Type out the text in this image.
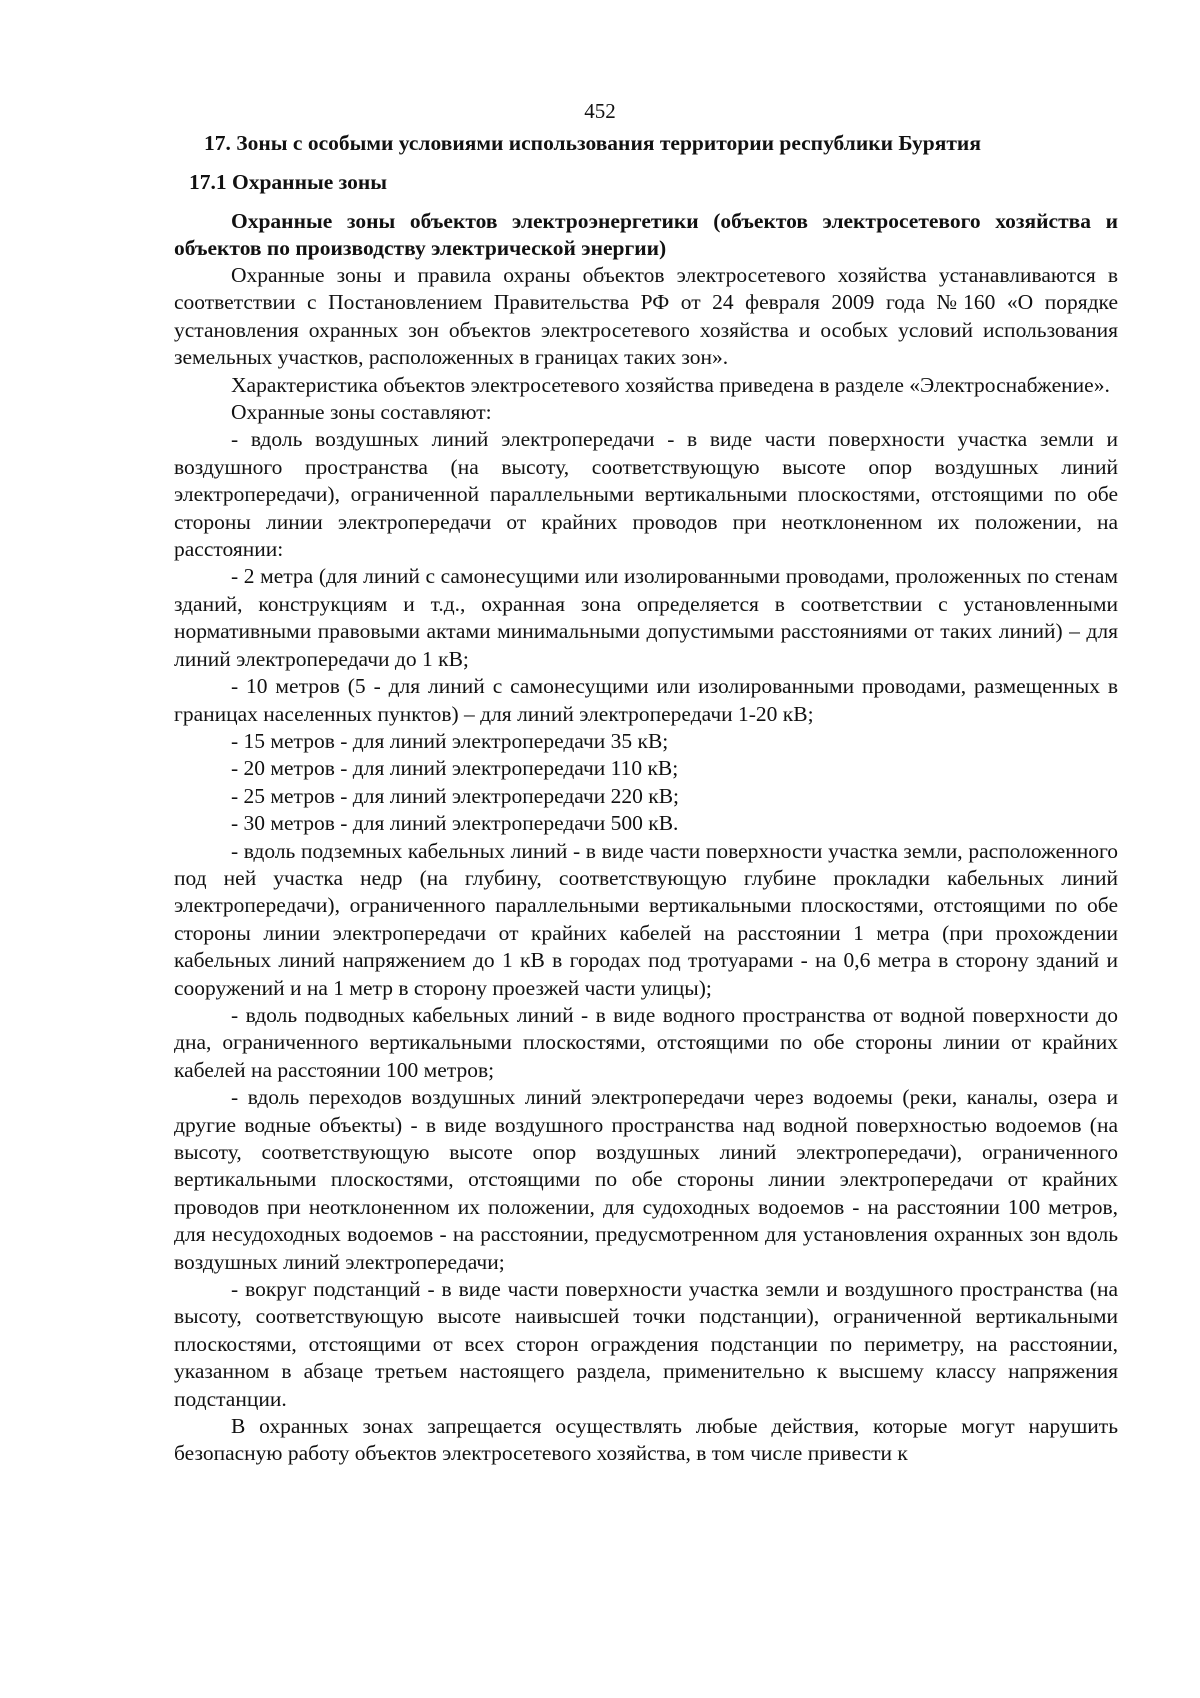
452
17. Зоны с особыми условиями использования территории республики Бурятия
17.1 Охранные зоны
Охранные зоны объектов электроэнергетики (объектов электросетевого хозяйства и объектов по производству электрической энергии)

Охранные зоны и правила охраны объектов электросетевого хозяйства устанавливаются в соответствии с Постановлением Правительства РФ от 24 февраля 2009 года №160 «О порядке установления охранных зон объектов электросетевого хозяйства и особых условий использования земельных участков, расположенных в границах таких зон».

Характеристика объектов электросетевого хозяйства приведена в разделе «Электроснабжение».

Охранные зоны составляют:

- вдоль воздушных линий электропередачи - в виде части поверхности участка земли и воздушного пространства (на высоту, соответствующую высоте опор воздушных линий электропередачи), ограниченной параллельными вертикальными плоскостями, отстоящими по обе стороны линии электропередачи от крайних проводов при неотклоненном их положении, на расстоянии:

- 2 метра (для линий с самонесущими или изолированными проводами, проложенных по стенам зданий, конструкциям и т.д., охранная зона определяется в соответствии с установленными нормативными правовыми актами минимальными допустимыми расстояниями от таких линий) – для линий электропередачи до 1 кВ;

- 10 метров (5 - для линий с самонесущими или изолированными проводами, размещенных в границах населенных пунктов) – для линий электропередачи 1-20 кВ;

- 15 метров - для линий электропередачи 35 кВ;

- 20 метров - для линий электропередачи 110 кВ;

- 25 метров - для линий электропередачи 220 кВ;

- 30 метров - для линий электропередачи 500 кВ.

- вдоль подземных кабельных линий - в виде части поверхности участка земли, расположенного под ней участка недр (на глубину, соответствующую глубине прокладки кабельных линий электропередачи), ограниченного параллельными вертикальными плоскостями, отстоящими по обе стороны линии электропередачи от крайних кабелей на расстоянии 1 метра (при прохождении кабельных линий напряжением до 1 кВ в городах под тротуарами - на 0,6 метра в сторону зданий и сооружений и на 1 метр в сторону проезжей части улицы);

- вдоль подводных кабельных линий - в виде водного пространства от водной поверхности до дна, ограниченного вертикальными плоскостями, отстоящими по обе стороны линии от крайних кабелей на расстоянии 100 метров;

- вдоль переходов воздушных линий электропередачи через водоемы (реки, каналы, озера и другие водные объекты) - в виде воздушного пространства над водной поверхностью водоемов (на высоту, соответствующую высоте опор воздушных линий электропередачи), ограниченного вертикальными плоскостями, отстоящими по обе стороны линии электропередачи от крайних проводов при неотклоненном их положении, для судоходных водоемов - на расстоянии 100 метров, для несудоходных водоемов - на расстоянии, предусмотренном для установления охранных зон вдоль воздушных линий электропередачи;

- вокруг подстанций - в виде части поверхности участка земли и воздушного пространства (на высоту, соответствующую высоте наивысшей точки подстанции), ограниченной вертикальными плоскостями, отстоящими от всех сторон ограждения подстанции по периметру, на расстоянии, указанном в абзаце третьем настоящего раздела, применительно к высшему классу напряжения подстанции.

В охранных зонах запрещается осуществлять любые действия, которые могут нарушить безопасную работу объектов электросетевого хозяйства, в том числе привести к
